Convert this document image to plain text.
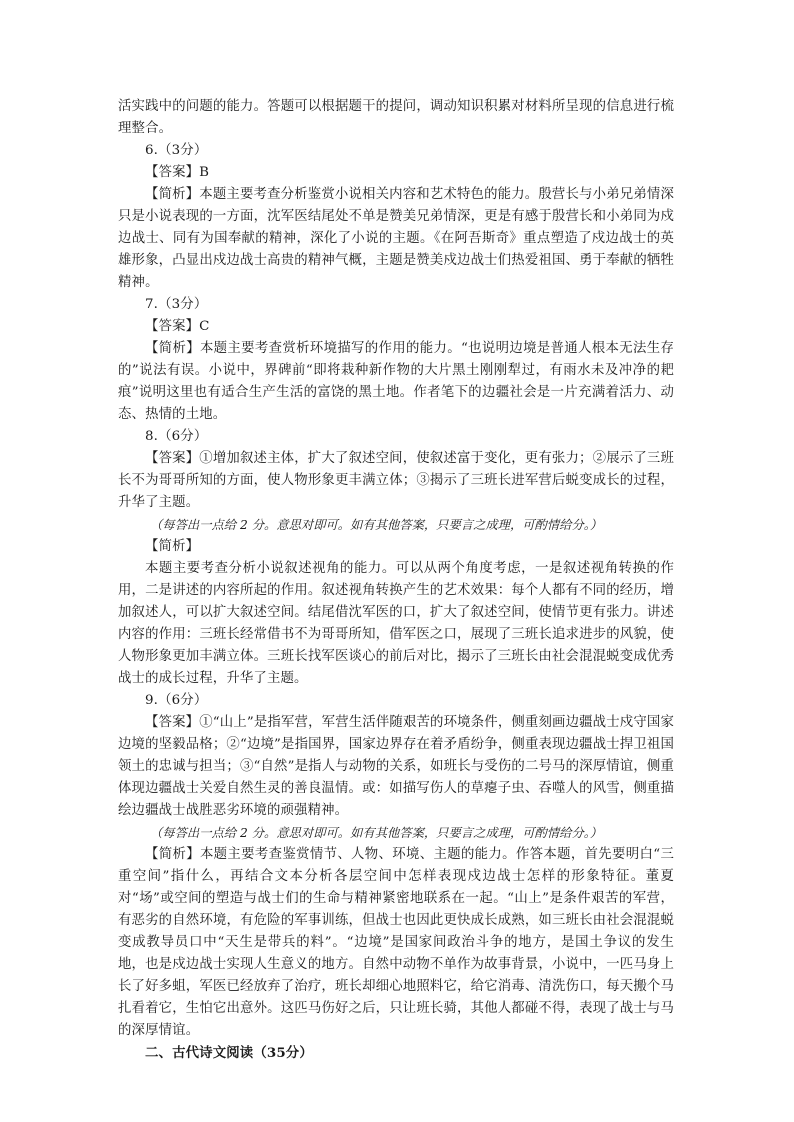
活实践中的问题的能力。答题可以根据题干的提问，调动知识积累对材料所呈现的信息进行梳理整合。

6.（3分）

【答案】B

【简析】本题主要考查分析鉴赏小说相关内容和艺术特色的能力。殷营长与小弟兄弟情深只是小说表现的一方面，沈军医结尾处不单是赞美兄弟情深，更是有感于殷营长和小弟同为戍边战士、同有为国奉献的精神，深化了小说的主题。《在阿吾斯奇》重点塑造了戍边战士的英雄形象，凸显出戍边战士高贵的精神气概，主题是赞美戍边战士们热爱祖国、勇于奉献的牺牲精神。

7.（3分）

【答案】C

【简析】本题主要考查赏析环境描写的作用的能力。“也说明边境是普通人根本无法生存的”说法有误。小说中，界碑前“即将栽种新作物的大片黑土刚刚犁过，有雨水未及冲净的耙痕”说明这里也有适合生产生活的富饶的黑土地。作者笔下的边疆社会是一片充满着活力、动态、热情的土地。

8.（6分）

【答案】①增加叙述主体，扩大了叙述空间，使叙述富于变化，更有张力；②展示了三班长不为哥哥所知的方面，使人物形象更丰满立体；③揭示了三班长进军营后蜕变成长的过程，升华了主题。

（每答出一点给 2 分。意思对即可。如有其他答案，只要言之成理，可酌情给分。）

【简析】

本题主要考查分析小说叙述视角的能力。可以从两个角度考虑，一是叙述视角转换的作用，二是讲述的内容所起的作用。叙述视角转换产生的艺术效果：每个人都有不同的经历，增加叙述人，可以扩大叙述空间。结尾借沈军医的口，扩大了叙述空间，使情节更有张力。讲述内容的作用：三班长经常借书不为哥哥所知，借军医之口，展现了三班长追求进步的风貌，使人物形象更加丰满立体。三班长找军医谈心的前后对比，揭示了三班长由社会混混蜕变成优秀战士的成长过程，升华了主题。

9.（6分）

【答案】①“山上”是指军营，军营生活伴随艰苦的环境条件，侧重刻画边疆战士戍守国家边境的坚毅品格；②“边境”是指国界，国家边界存在着矛盾纷争，侧重表现边疆战士捍卫祖国领土的忠诚与担当；③“自然”是指人与动物的关系，如班长与受伤的二号马的深厚情谊，侧重体现边疆战士关爱自然生灵的善良温情。或：如描写伤人的草瘪子虫、吞噬人的风雪，侧重描绘边疆战士战胜恶劣环境的顽强精神。

（每答出一点给 2 分。意思对即可。如有其他答案，只要言之成理，可酌情给分。）

【简析】本题主要考查鉴赏情节、人物、环境、主题的能力。作答本题，首先要明白“三重空间”指什么，再结合文本分析各层空间中怎样表现戍边战士怎样的形象特征。董夏对“场”或空间的塑造与战士们的生命与精神紧密地联系在一起。“山上”是条件艰苦的军营，有恶劣的自然环境，有危险的军事训练，但战士也因此更快成长成熟，如三班长由社会混混蜕变成教导员口中“天生是带兵的料”。“边境”是国家间政治斗争的地方，是国土争议的发生地，也是戍边战士实现人生意义的地方。自然中动物不单作为故事背景，小说中，一匹马身上长了好多蛆，军医已经放弃了治疗，班长却细心地照料它，给它消毒、清洗伤口，每天搬个马扎看着它，生怕它出意外。这匹马伤好之后，只让班长骑，其他人都碰不得，表现了战士与马的深厚情谊。

二、古代诗文阅读（35分）
